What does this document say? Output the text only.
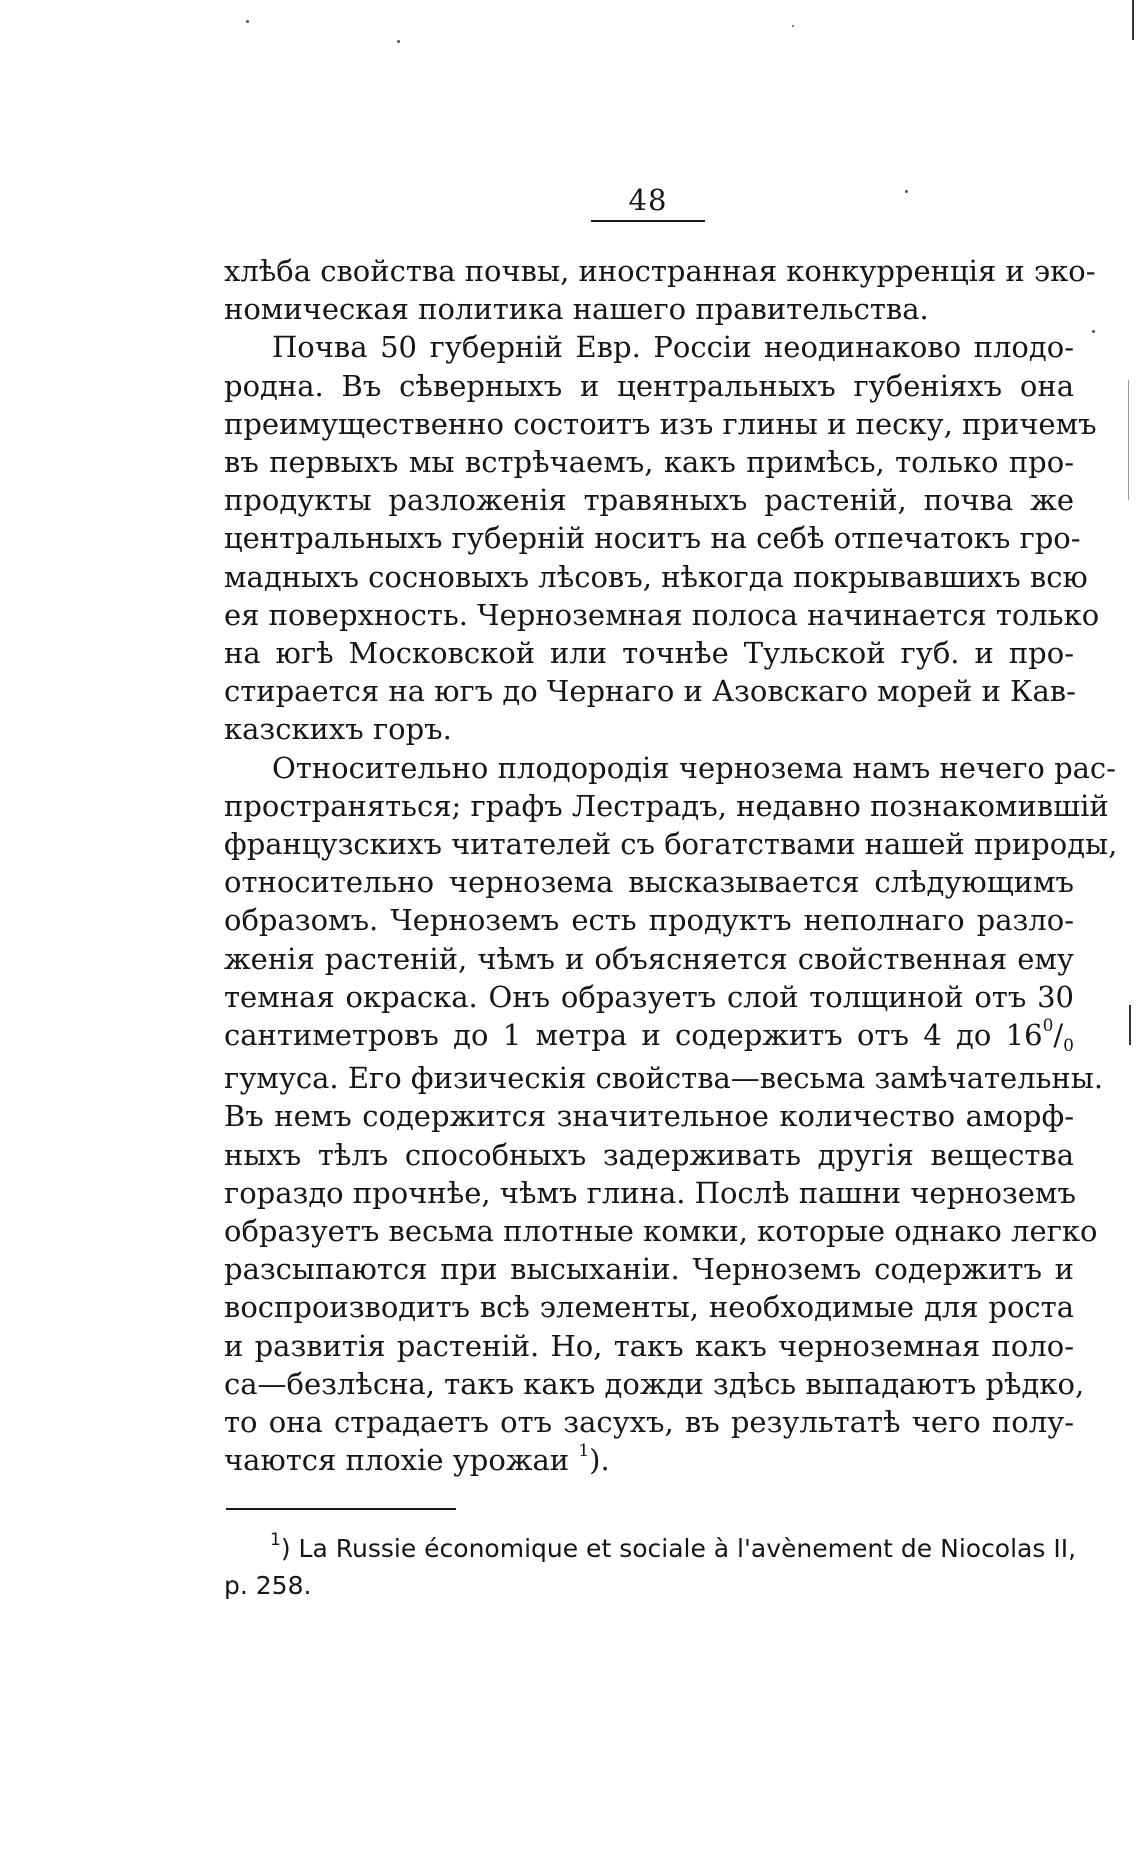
48
хлѣба свойства почвы, иностранная конкурренція и эко-
номическая политика нашего правительства.
Почва 50 губерній Евр. Россіи неодинаково плодо-
родна. Въ сѣверныхъ и центральныхъ губеніяхъ она
преимущественно состоитъ изъ глины и песку, причемъ
въ первыхъ мы встрѣчаемъ, какъ примѣсь, только про-
продукты разложенія травяныхъ растеній, почва же
центральныхъ губерній носитъ на себѣ отпечатокъ гро-
мадныхъ сосновыхъ лѣсовъ, нѣкогда покрывавшихъ всю
ея поверхность. Черноземная полоса начинается только
на югѣ Московской или точнѣе Тульской губ. и про-
стирается на югъ до Чернаго и Азовскаго морей и Кав-
казскихъ горъ.
Относительно плодородія чернозема намъ нечего рас-
пространяться; графъ Лестрадъ, недавно познакомившій
французскихъ читателей съ богатствами нашей природы,
относительно чернозема высказывается слѣдующимъ
образомъ. Черноземъ есть продуктъ неполнаго разло-
женія растеній, чѣмъ и объясняется свойственная ему
темная окраска. Онъ образуетъ слой толщиной отъ 30
сантиметровъ до 1 метра и содержитъ отъ 4 до $16^0/_0$
гумуса. Его физическія свойства—весьма замѣчательны.
Въ немъ содержится значительное количество аморф-
ныхъ тѣлъ способныхъ задерживать другія вещества
гораздо прочнѣе, чѣмъ глина. Послѣ пашни черноземъ
образуетъ весьма плотные комки, которые однако легко
разсыпаются при высыханіи. Черноземъ содержитъ и
воспроизводитъ всѣ элементы, необходимые для роста
и развитія растеній. Но, такъ какъ черноземная поло-
са—безлѣсна, такъ какъ дожди здѣсь выпадаютъ рѣдко,
то она страдаетъ отъ засухъ, въ результатѣ чего полу-
чаются плохіе урожаи $^1$).
$^1$) La Russie économique et sociale à l'avènement de Niocolas II,
p. 258.
